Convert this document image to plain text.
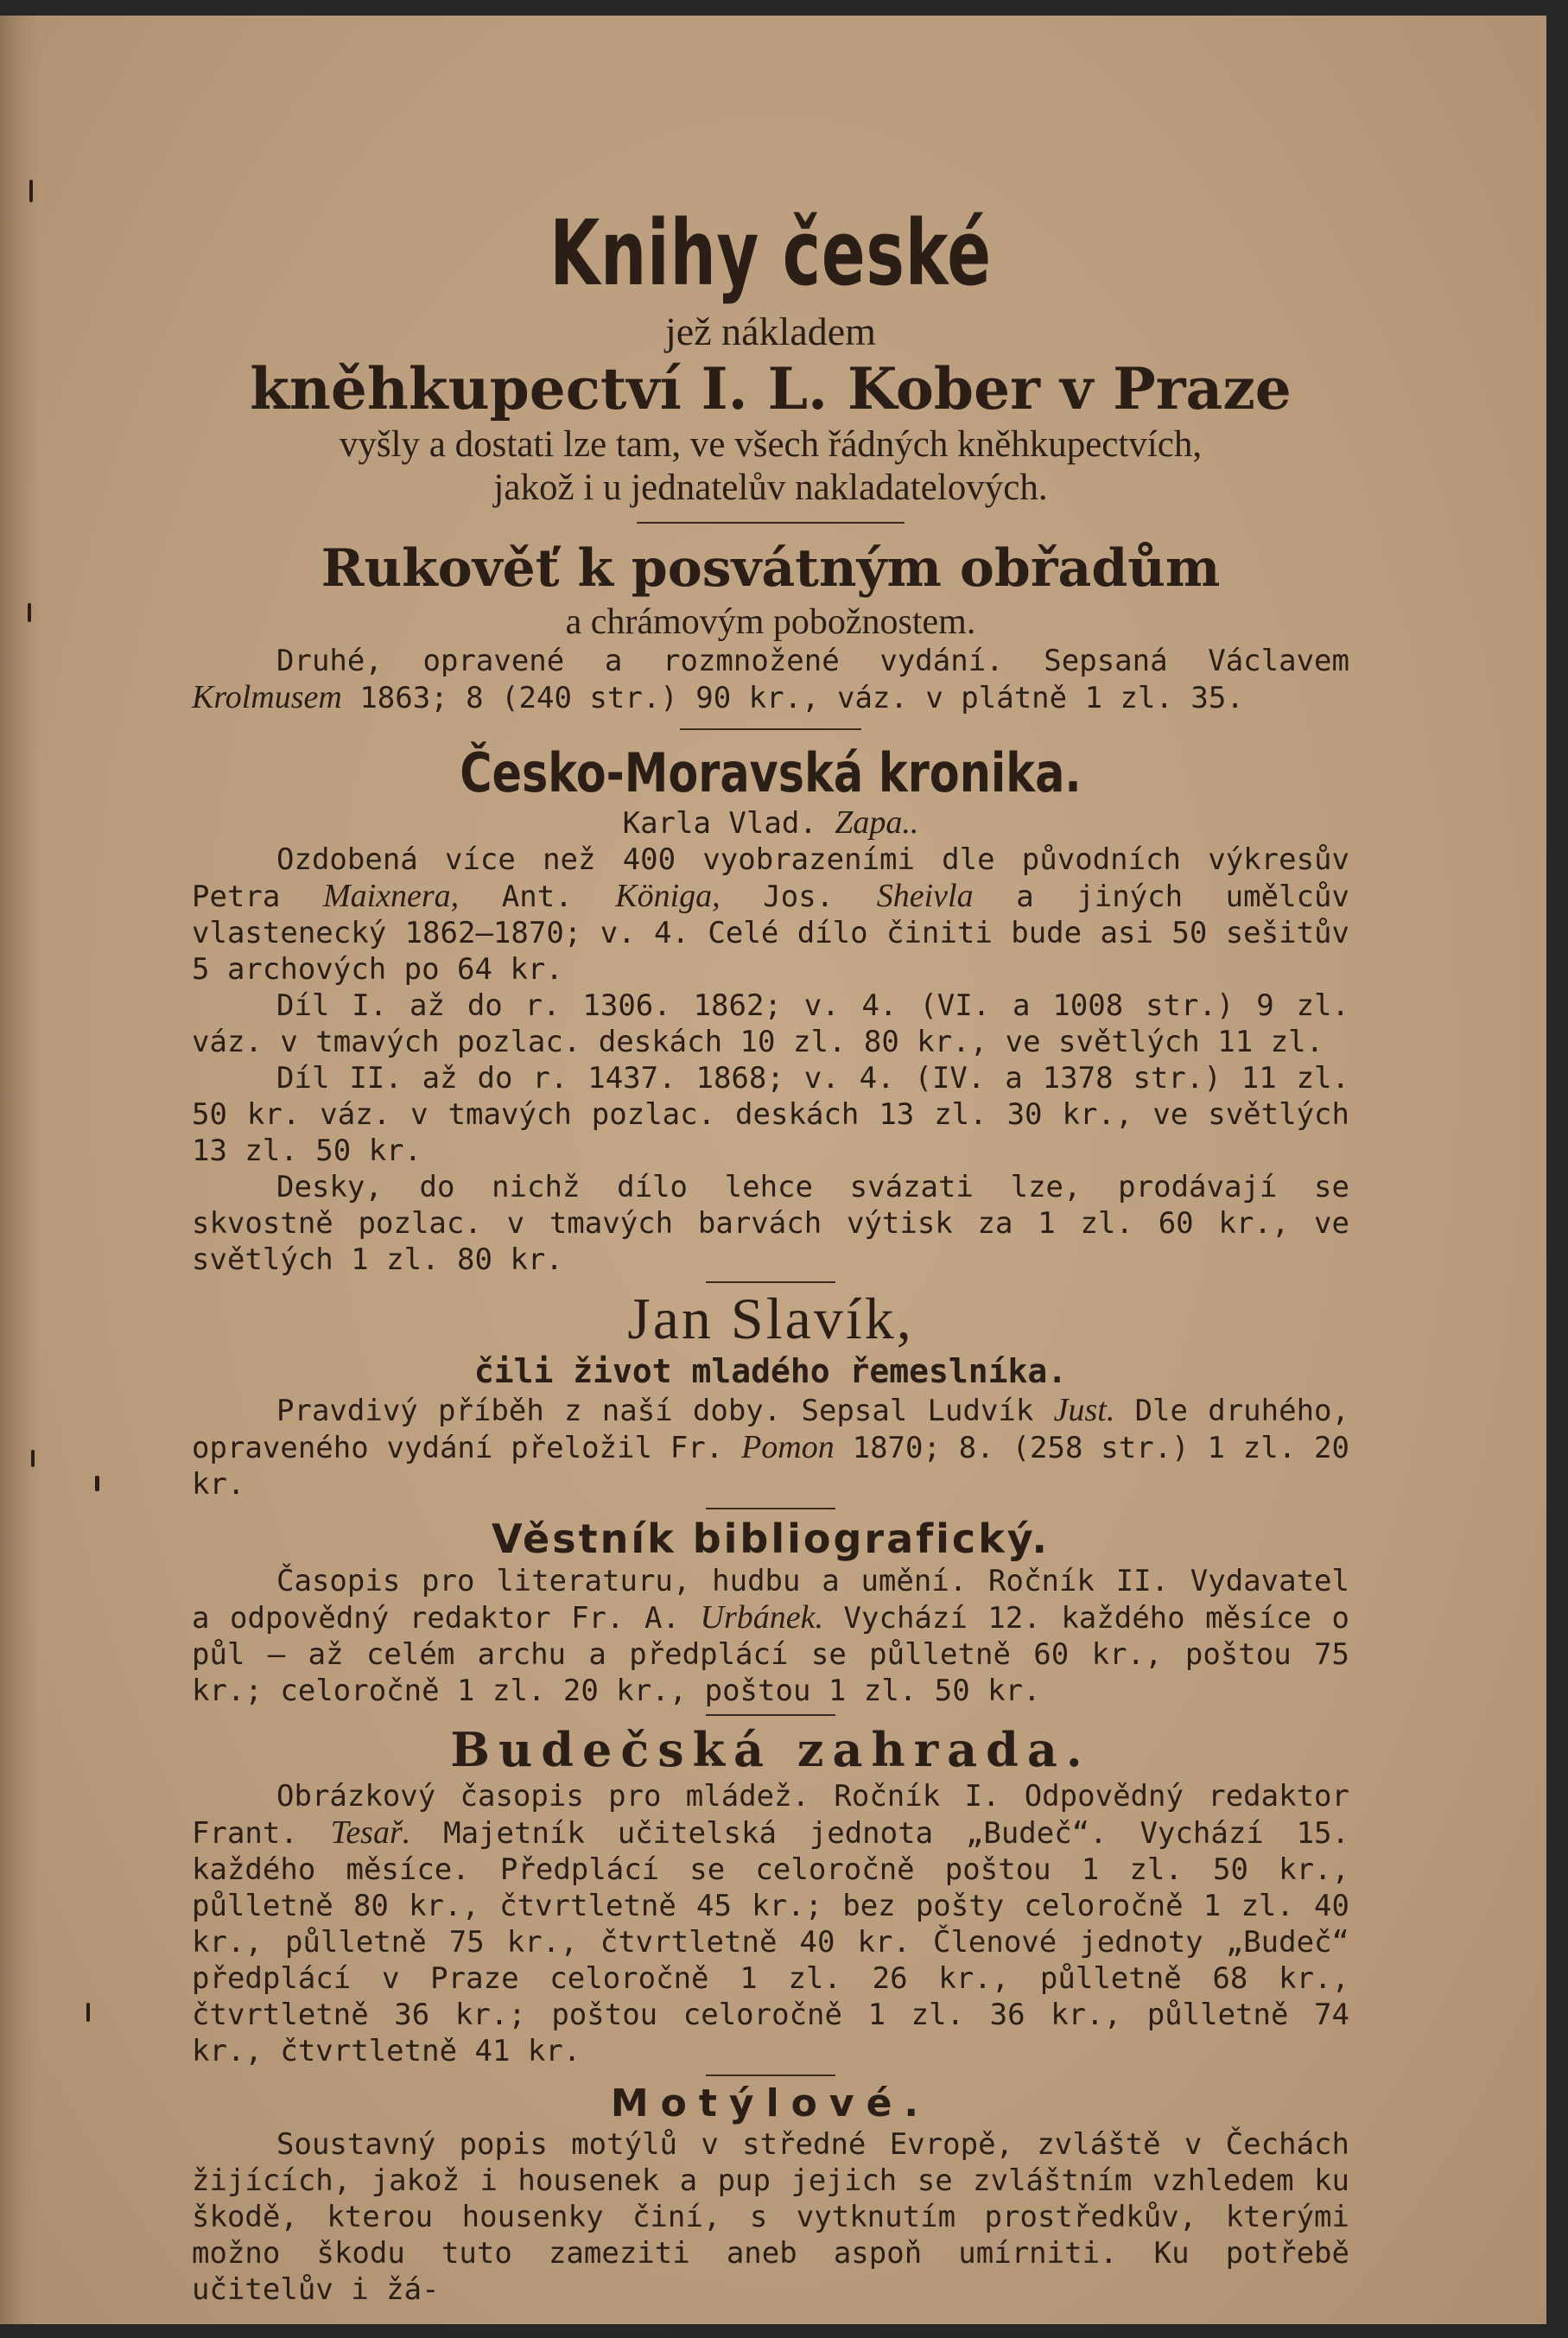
Knihy české

jež nákladem

kněhkupectví I. L. Kober v Praze

vyšly a dostati lze tam, ve všech řádných kněhkupectvích,

jakož i u jednatelův nakladatelových.

Rukověť k posvátným obřadům

a chrámovým pobožnostem.

Druhé, opravené a rozmnožené vydání. Sepsaná Václavem Krolmusem 1863; 8 (240 str.) 90 kr., váz. v plátně 1 zl. 35.

Česko-Moravská kronika.

Karla Vlad. Zapa..

Ozdobená více než 400 vyobrazeními dle původních výkresův Petra Maixnera, Ant. Königa, Jos. Sheivla a jiných umělcův vlastenecký 1862—1870; v. 4. Celé dílo činiti bude asi 50 sešitův 5 archových po 64 kr.

Díl I. až do r. 1306. 1862; v. 4. (VI. a 1008 str.) 9 zl. váz. v tmavých pozlac. deskách 10 zl. 80 kr., ve světlých 11 zl.

Díl II. až do r. 1437. 1868; v. 4. (IV. a 1378 str.) 11 zl. 50 kr. váz. v tmavých pozlac. deskách 13 zl. 30 kr., ve světlých 13 zl. 50 kr.

Desky, do nichž dílo lehce svázati lze, prodávají se skvostně pozlac. v tmavých barvách výtisk za 1 zl. 60 kr., ve světlých 1 zl. 80 kr.

Jan Slavík,

čili život mladého řemeslníka.

Pravdivý příběh z naší doby. Sepsal Ludvík Just. Dle druhého, opraveného vydání přeložil Fr. Pomon 1870; 8. (258 str.) 1 zl. 20 kr.

Věstník bibliografický.

Časopis pro literaturu, hudbu a umění. Ročník II. Vydavatel a odpovědný redaktor Fr. A. Urbánek. Vychází 12. každého měsíce o půl — až celém archu a předplácí se půlletně 60 kr., poštou 75 kr.; celoročně 1 zl. 20 kr., poštou 1 zl. 50 kr.

Budečská zahrada.

Obrázkový časopis pro mládež. Ročník I. Odpovědný redaktor Frant. Tesař. Majetník učitelská jednota „Budeč“. Vychází 15. každého měsíce. Předplácí se celoročně poštou 1 zl. 50 kr., půlletně 80 kr., čtvrtletně 45 kr.; bez pošty celoročně 1 zl. 40 kr., půlletně 75 kr., čtvrtletně 40 kr. Členové jednoty „Budeč“ předplácí v Praze celoročně 1 zl. 26 kr., půlletně 68 kr., čtvrtletně 36 kr.; poštou celoročně 1 zl. 36 kr., půlletně 74 kr., čtvrtletně 41 kr.

Motýlové.

Soustavný popis motýlů v středné Evropě, zvláště v Čechách žijících, jakož i housenek a pup jejich se zvláštním vzhledem ku škodě, kterou housenky činí, s vytknutím prostředkův, kterými možno škodu tuto zameziti aneb aspoň umírniti. Ku potřebě učitelův i žá-
